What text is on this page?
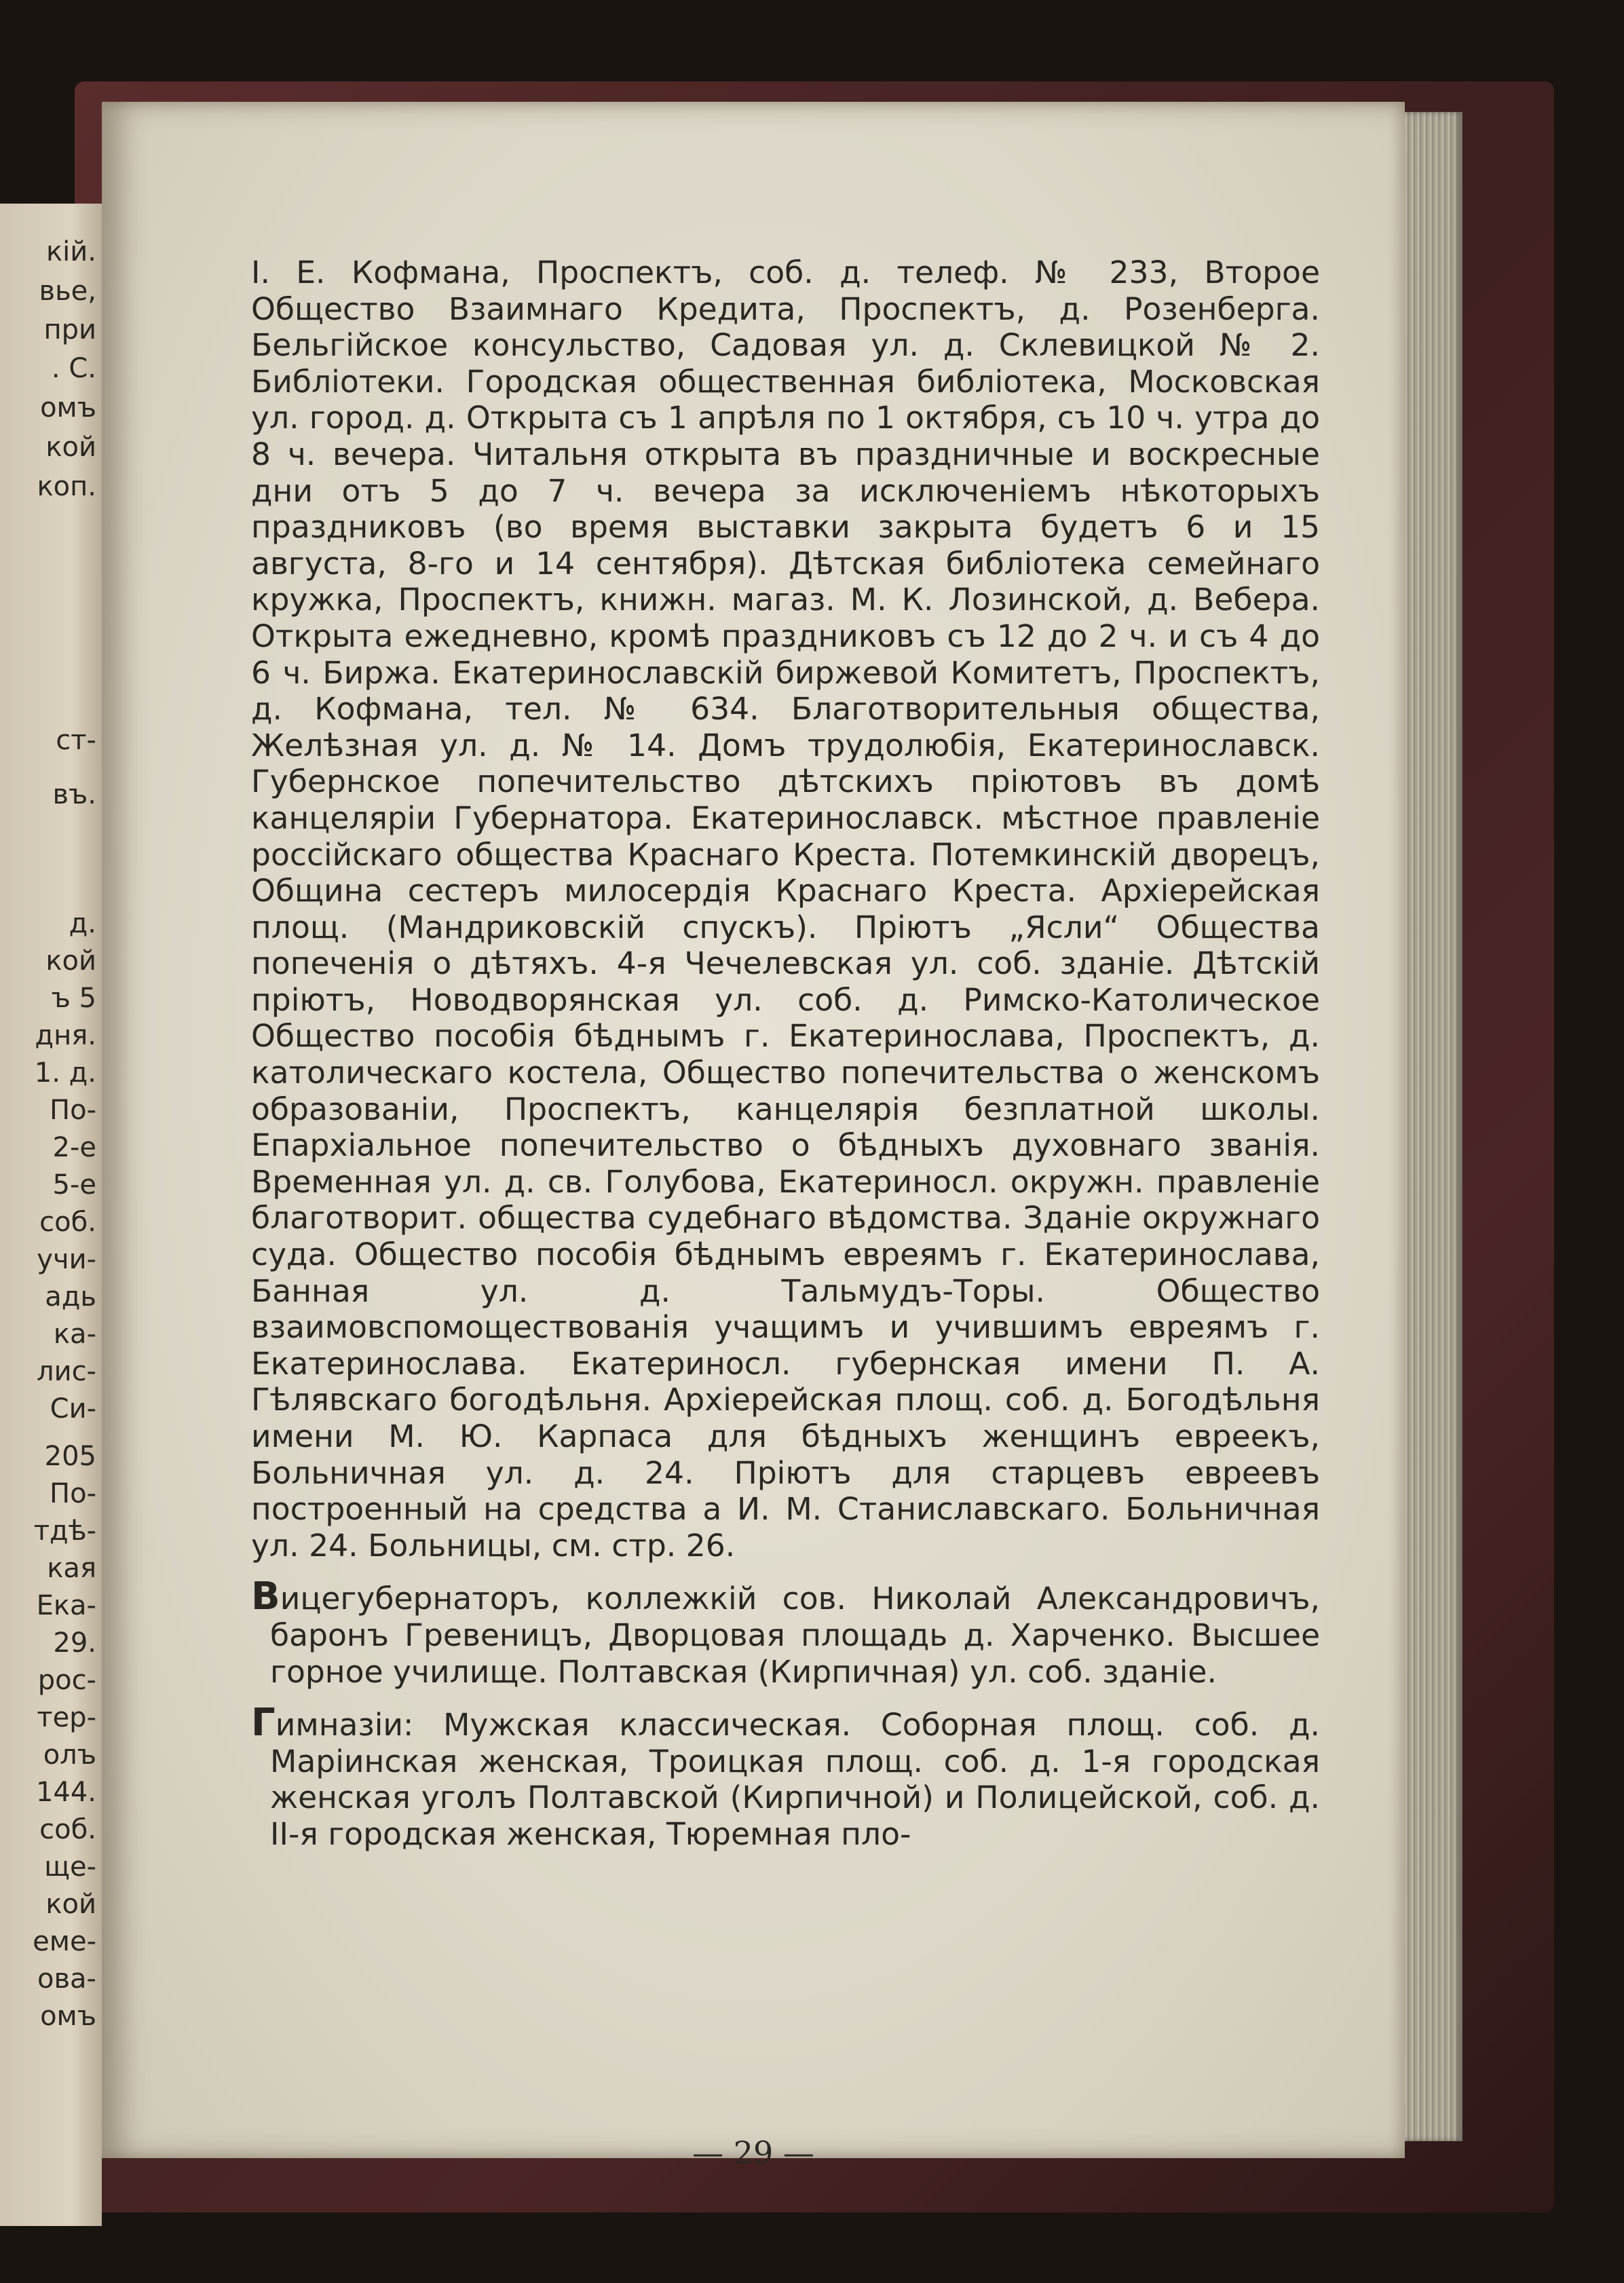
кій.
вье,
при
. С.
омъ
кой
коп.
ст-
въ.
д.
кой
ъ 5
дня.
1. д.
По-
2-е
5-е
соб.
учи-
адь
ка-
лис-
Си-
205
По-
тдѣ-
кая
Ека-
29.
рос-
тер-
олъ
144.
соб.
ще-
кой
еме-
ова-
омъ

I. Е. Кофмана, Проспектъ, соб. д. телеф. № 233, Второе Общество Взаимнаго Кредита, Проспектъ, д. Розенберга. Бельгійское консульство, Садовая ул. д. Склевицкой № 2. Библіотеки. Городская общественная библіотека, Московская ул. город. д. Открыта съ 1 апрѣля по 1 октября, съ 10 ч. утра до 8 ч. вечера. Читальня открыта въ праздничные и воскресные дни отъ 5 до 7 ч. вечера за исключеніемъ нѣкоторыхъ праздниковъ (во время выставки закрыта будетъ 6 и 15 августа, 8-го и 14 сентября). Дѣтская библіотека семейнаго кружка, Проспектъ, книжн. магаз. М. К. Лозинской, д. Вебера. Открыта ежедневно, кромѣ праздниковъ съ 12 до 2 ч. и съ 4 до 6 ч. Биржа. Екатеринославскій биржевой Комитетъ, Проспектъ, д. Кофмана, тел. № 634. Благотворительныя общества, Желѣзная ул. д. № 14. Домъ трудолюбія, Екатеринославск. Губернское попечительство дѣтскихъ пріютовъ въ домѣ канцеляріи Губернатора. Екатеринославск. мѣстное правленіе россійскаго общества Краснаго Креста. Потемкинскій дворецъ, Община сестеръ милосердія Краснаго Креста. Архіерейская площ. (Мандриковскій спускъ). Пріютъ „Ясли“ Общества попеченія о дѣтяхъ. 4-я Чечелевская ул. соб. зданіе. Дѣтскій пріютъ, Новодворянская ул. соб. д. Римско-Католическое Общество пособія бѣднымъ г. Екатеринослава, Проспектъ, д. католическаго костела, Общество попечительства о женскомъ образованіи, Проспектъ, канцелярія безплатной школы. Епархіальное попечительство о бѣдныхъ духовнаго званія. Временная ул. д. св. Голубова, Екатериносл. окружн. правленіе благотворит. общества судебнаго вѣдомства. Зданіе окружнаго суда. Общество пособія бѣднымъ евреямъ г. Екатеринослава, Банная ул. д. Тальмудъ-Торы. Общество взаимовспомоществованія учащимъ и учившимъ евреямъ г. Екатеринослава. Екатериносл. губернская имени П. А. Гѣлявскаго богодѣльня. Архіерейская площ. соб. д. Богодѣльня имени М. Ю. Карпаса для бѣдныхъ женщинъ евреекъ, Больничная ул. д. 24. Пріютъ для старцевъ евреевъ построенный на средства а И. М. Станиславскаго. Больничная ул. 24. Больницы, см. стр. 26.

Вицегубернаторъ, коллежкій сов. Николай Александровичъ, баронъ Гревеницъ, Дворцовая площадь д. Харченко. Высшее горное училище. Полтавская (Кирпичная) ул. соб. зданіе.

Гимназіи: Мужская классическая. Соборная площ. соб. д. Маріинская женская, Троицкая площ. соб. д. 1-я городская женская уголъ Полтавской (Кирпичной) и Полицейской, соб. д. II-я городская женская, Тюремная пло-

— 29 —
